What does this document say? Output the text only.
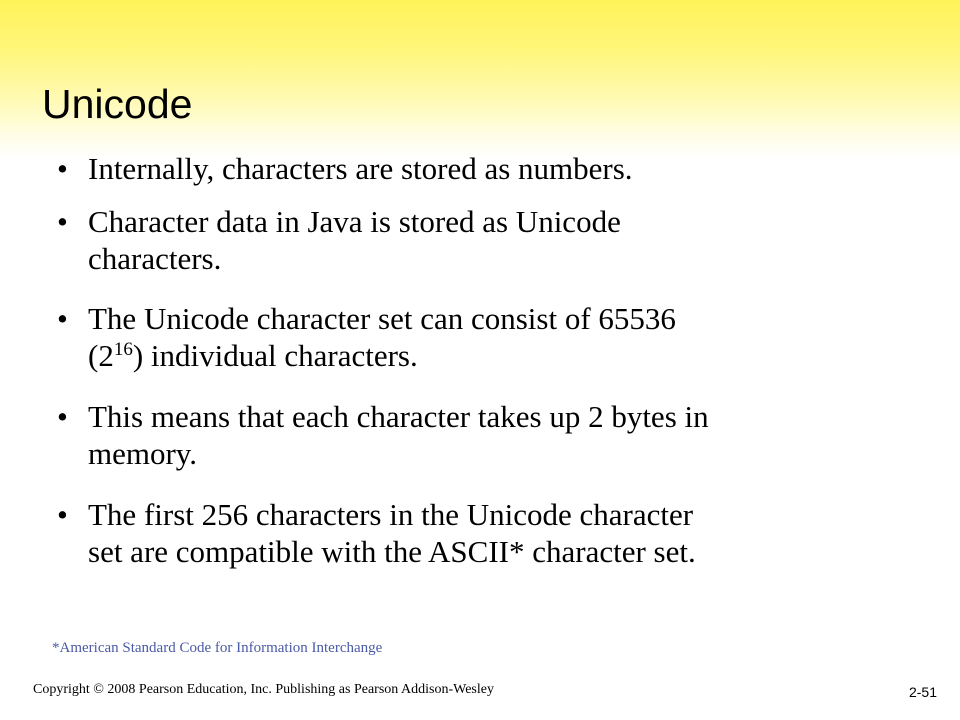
Unicode
• Internally, characters are stored as numbers.
• Character data in Java is stored as Unicode
characters.
• The Unicode character set can consist of 65536
$(2^{16})$ individual characters.
• This means that each character takes up 2 bytes in
memory.
• The first 256 characters in the Unicode character
set are compatible with the ASCII* character set.
*American Standard Code for Information Interchange
Copyright © 2008 Pearson Education, Inc. Publishing as Pearson Addison-Wesley	2-51
